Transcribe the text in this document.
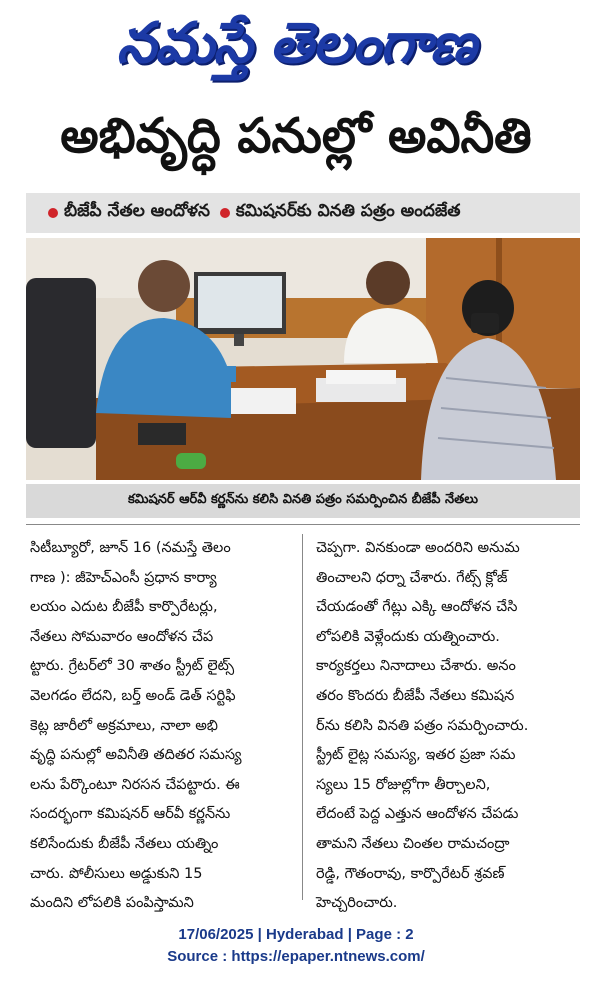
నమస్తే తెలంగాణ
అభివృద్ధి పనుల్లో అవినీతి
బీజేపీ నేతల ఆందోళన కమిషనర్‌కు వినతి పత్రం అందజేత
కమిషనర్ ఆర్‌వీ కర్ణన్‌ను కలిసి వినతి పత్రం సమర్పించిన బీజేపీ నేతలు

సిటీబ్యూరో, జూన్ 16 (నమస్తే తెలం
గాణ ): జీహెచ్ఎంసీ ప్రధాన కార్యా
లయం ఎదుట బీజేపీ కార్పొరేటర్లు,
నేతలు సోమవారం ఆందోళన చేప
ట్టారు. గ్రేటర్‌లో 30 శాతం స్ట్రీట్ లైట్స్
వెలగడం లేదని, బర్త్ అండ్ డెత్ సర్టిఫి
కెట్ల జారీలో అక్రమాలు, నాలా అభి
వృద్ధి పనుల్లో అవినీతి తదితర సమస్య
లను పేర్కొంటూ నిరసన చేపట్టారు. ఈ
సందర్భంగా కమిషనర్ ఆర్‌వీ కర్ణన్‌ను
కలిసేందుకు బీజేపీ నేతలు యత్నిం
చారు. పోలీసులు అడ్డుకుని 15
మందిని లోపలికి పంపిస్తామని

చెప్పగా. వినకుండా అందరిని అనుమ
తించాలని ధర్నా చేశారు. గేట్స్ క్లోజ్
చేయడంతో గేట్లు ఎక్కి ఆందోళన చేసి
లోపలికి వెళ్లేందుకు యత్నించారు.
కార్యకర్తలు నినాదాలు చేశారు. అనం
తరం కొందరు బీజేపీ నేతలు కమిషన
ర్‌ను కలిసి వినతి పత్రం సమర్పించారు.
స్ట్రీట్ లైట్ల సమస్య, ఇతర ప్రజా సమ
స్యలు 15 రోజుల్లోగా తీర్చాలని,
లేదంటే పెద్ద ఎత్తున ఆందోళన చేపడు
తామని నేతలు చింతల రామచంద్రా
రెడ్డి, గౌతంరావు, కార్పొరేటర్ శ్రవణ్
హెచ్చరించారు.

17/06/2025 | Hyderabad | Page : 2
Source : https://epaper.ntnews.com/
